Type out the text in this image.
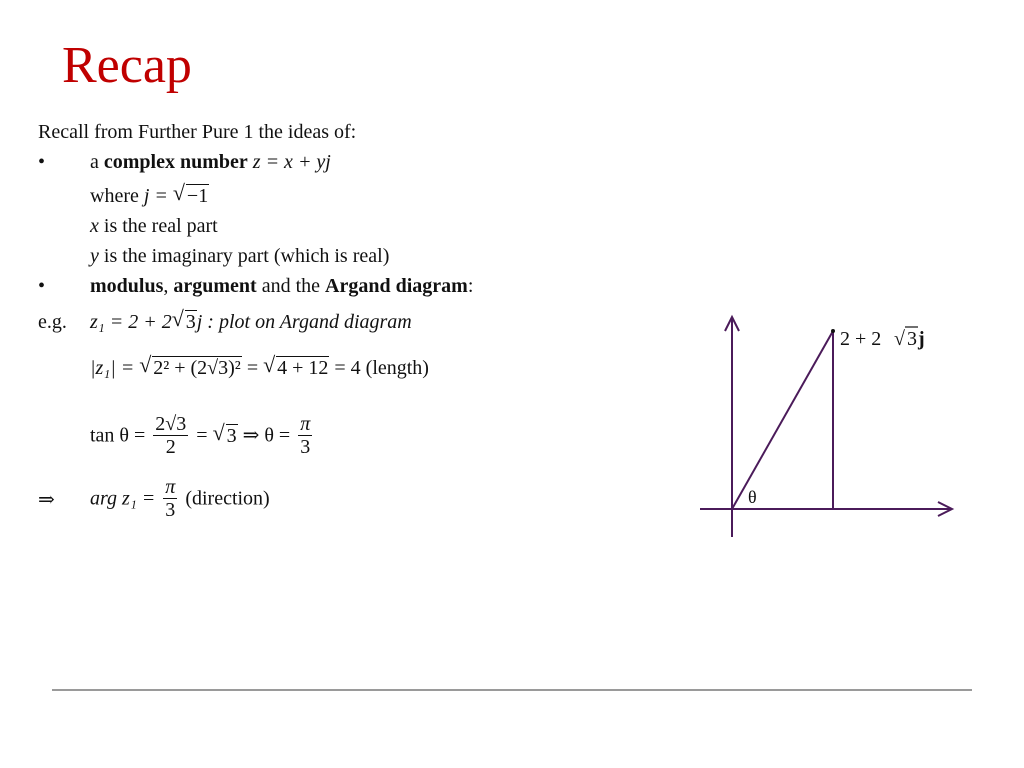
Recap
Recall from Further Pure 1 the ideas of:
• a complex number z = x + yj
where j = √ −1
x is the real part
y is the imaginary part (which is real)
• modulus, argument and the Argand diagram:
e.g. z₁ = 2 + 2 √ 3j : plot on Argand diagram
|z₁| = √ 2² + (2√3)² = √ 4 + 12 = 4 (length)
$\tan \theta = \frac{2√3}{2}$ = √ 3 ⇒ $\theta = \frac{\pi}{3}$
⇒ arg $z_1 = \frac{\pi}{3}$ (direction)
2 + 2 √ 3 j
θ
